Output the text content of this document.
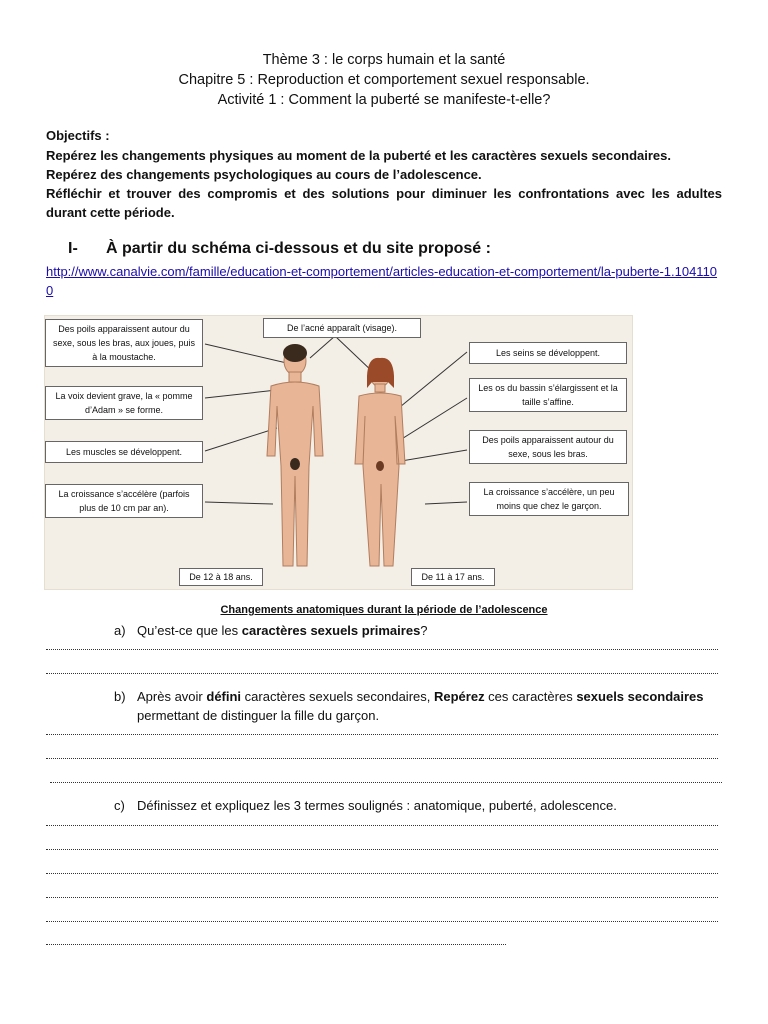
Thème 3 : le corps humain et la santé
Chapitre 5 : Reproduction et comportement sexuel responsable.
Activité 1 : Comment la puberté se manifeste-t-elle?
Objectifs :
Repérez les changements physiques au moment de la puberté et les caractères sexuels secondaires.
Repérez des changements psychologiques au cours de l’adolescence.
Réfléchir et trouver des compromis et des solutions pour diminuer les confrontations avec les adultes durant cette période.
I- À partir du schéma ci-dessous et du site proposé :
http://www.canalvie.com/famille/education-et-comportement/articles-education-et-comportement/la-puberte-1.1041100
Des poils apparaissent autour du sexe, sous les bras, aux joues, puis à la moustache.
La voix devient grave, la « pomme d’Adam » se forme.
Les muscles se développent.
La croissance s’accélère (parfois plus de 10 cm par an).
De l’acné apparaît (visage).
Les seins se développent.
Les os du bassin s’élargissent et la taille s’affine.
Des poils apparaissent autour du sexe, sous les bras.
La croissance s’accélère, un peu moins que chez le garçon.
De 12 à 18 ans.	De 11 à 17 ans.
Changements anatomiques durant la période de l’adolescence
a) Qu’est-ce que les caractères sexuels primaires?
b) Après avoir défini caractères sexuels secondaires, Repérez ces caractères sexuels secondaires permettant de distinguer la fille du garçon.
c) Définissez et expliquez les 3 termes soulignés : anatomique, puberté, adolescence.
